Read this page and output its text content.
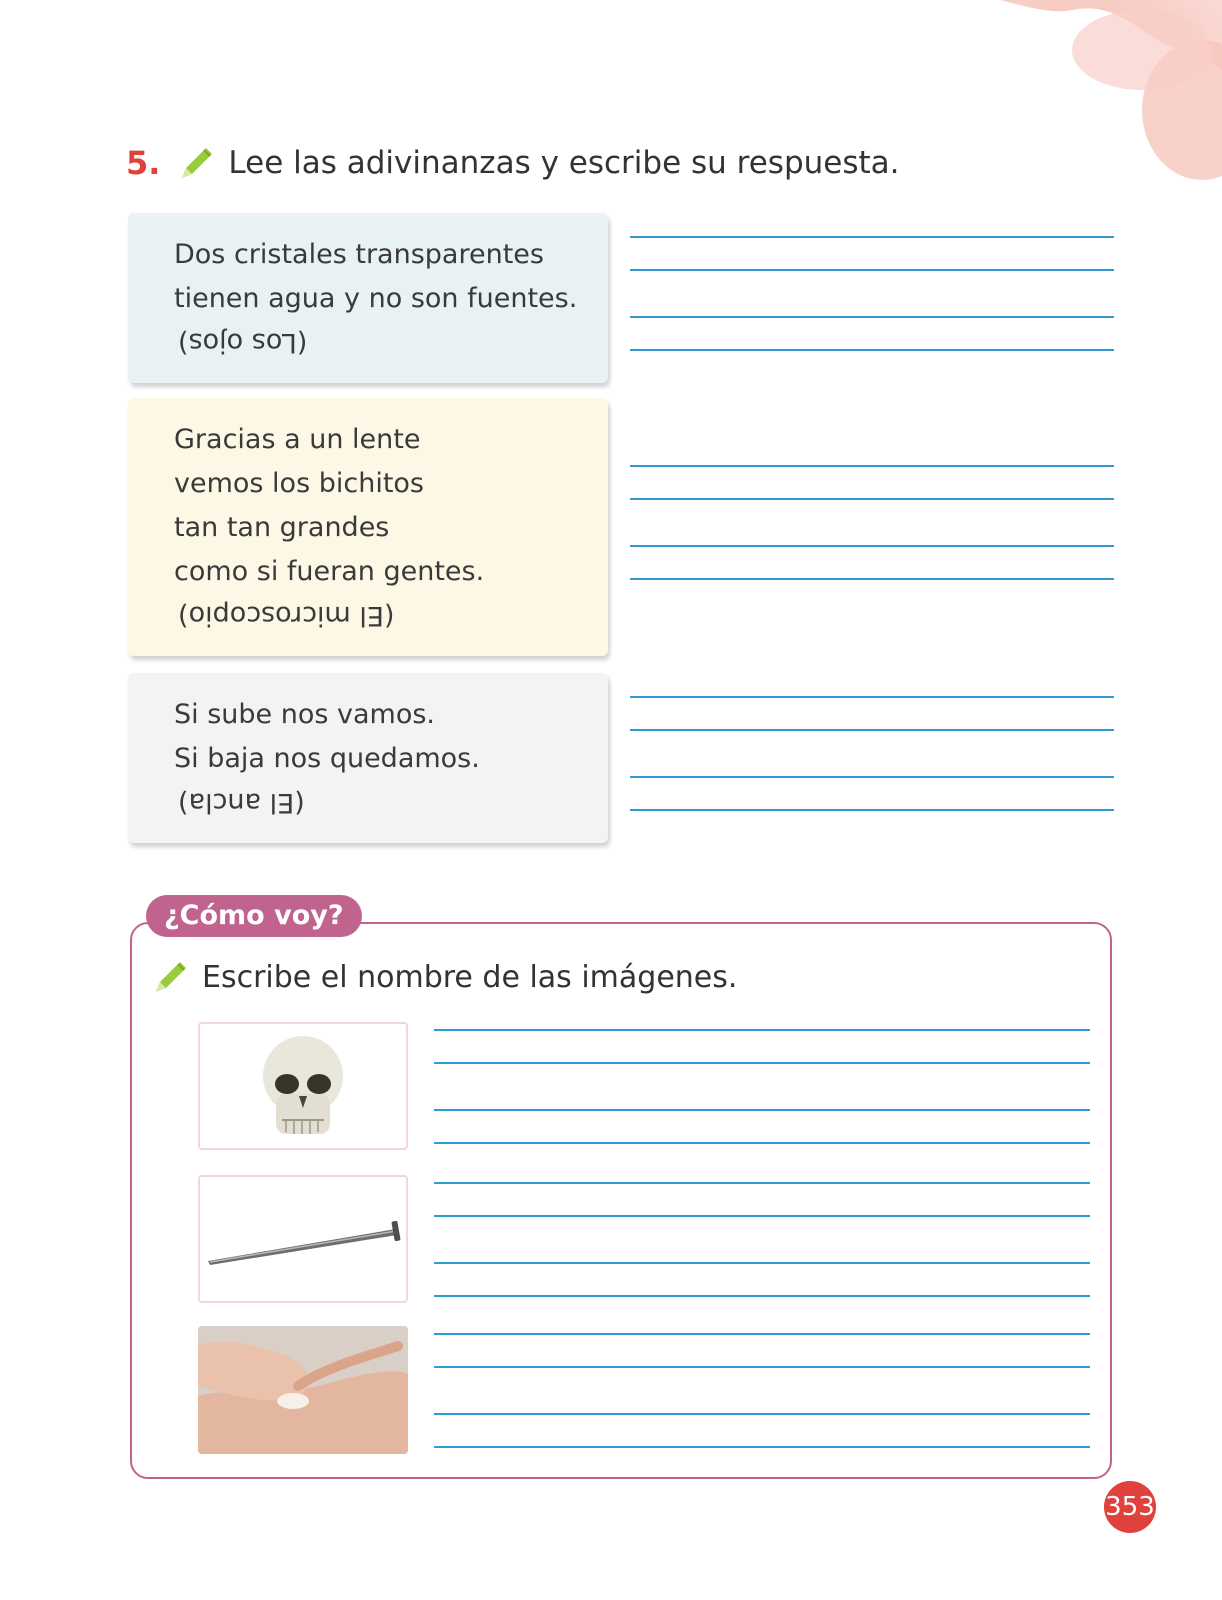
5. Lee las adivinanzas y escribe su respuesta.
Dos cristales transparentes
tienen agua y no son fuentes.
(Los ojos)
Gracias a un lente
vemos los bichitos
tan tan grandes
como si fueran gentes.
(El microscopio)
Si sube nos vamos.
Si baja nos quedamos.
(El ancla)
¿Cómo voy?
Escribe el nombre de las imágenes.
353
